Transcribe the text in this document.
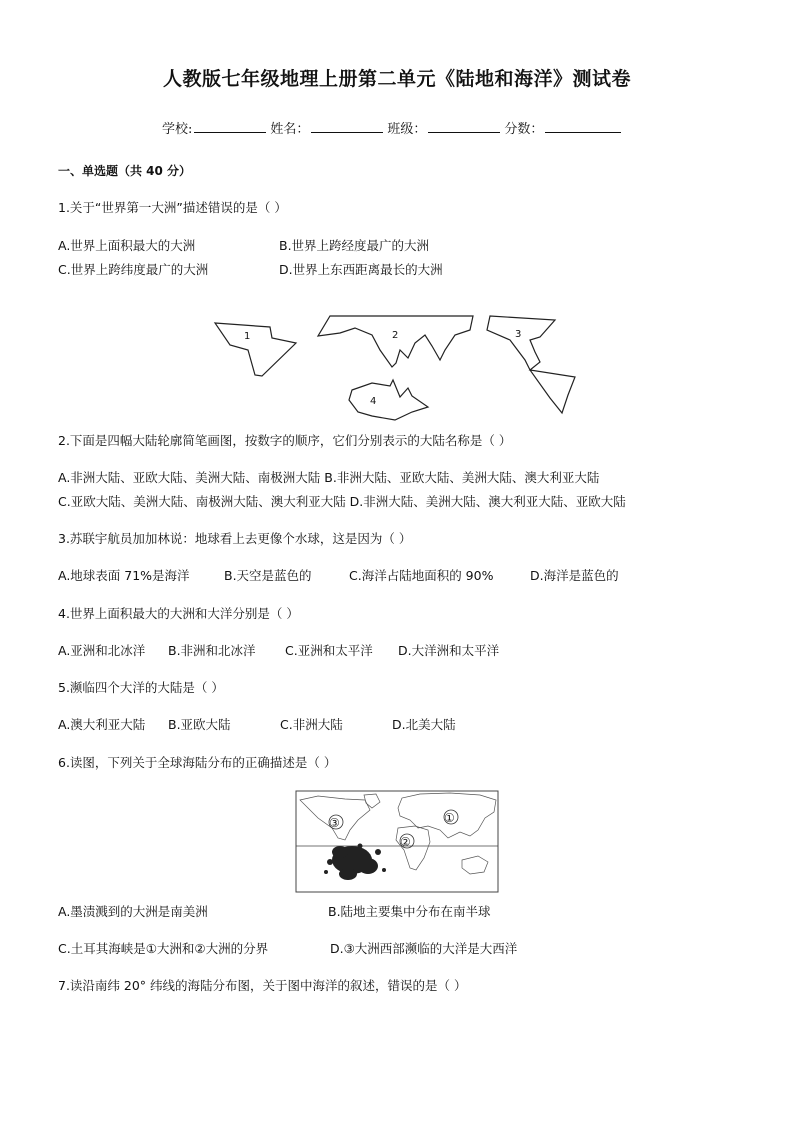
人教版七年级地理上册第二单元《陆地和海洋》测试卷
学校:	姓名：	班级：	分数：
一、单选题（共 40 分）
1.关于“世界第一大洲”描述错误的是（ ）
A.世界上面积最大的大洲	B.世界上跨经度最广的大洲
C.世界上跨纬度最广的大洲	D.世界上东西距离最长的大洲
1	2	3
4
2.下面是四幅大陆轮廓简笔画图，按数字的顺序，它们分别表示的大陆名称是（ ）
A.非洲大陆、亚欧大陆、美洲大陆、南极洲大陆 B.非洲大陆、亚欧大陆、美洲大陆、澳大利亚大陆
C.亚欧大陆、美洲大陆、南极洲大陆、澳大利亚大陆 D.非洲大陆、美洲大陆、澳大利亚大陆、亚欧大陆
3.苏联宇航员加加林说：地球看上去更像个水球，这是因为（ ）
A.地球表面 71%是海洋	B.天空是蓝色的	C.海洋占陆地面积的 90%	D.海洋是蓝色的
4.世界上面积最大的大洲和大洋分别是（ ）
A.亚洲和北冰洋 B.非洲和北冰洋 C.亚洲和太平洋 D.大洋洲和太平洋
5.濒临四个大洋的大陆是（ ）
A.澳大利亚大陆 B.亚欧大陆	C.非洲大陆	D.北美大陆
6.读图，下列关于全球海陆分布的正确描述是（ ）
③	①
②
A.墨渍溅到的大洲是南美洲	B.陆地主要集中分布在南半球
C.土耳其海峡是①大洲和②大洲的分界	D.③大洲西部濒临的大洋是大西洋
7.读沿南纬 20° 纬线的海陆分布图，关于图中海洋的叙述，错误的是（ ）
